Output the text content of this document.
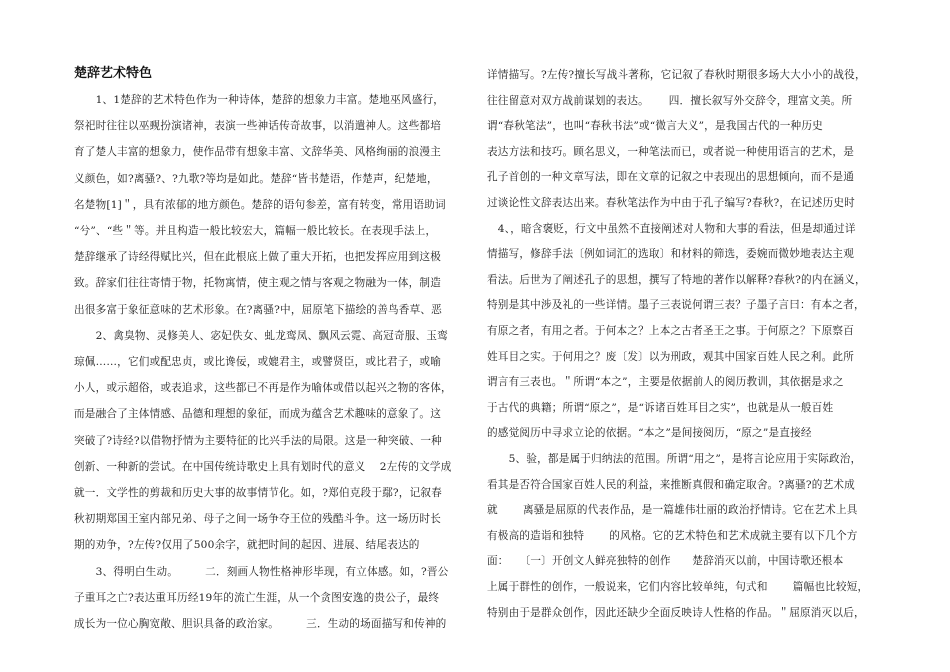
楚辞艺术特色
　　1、1楚辞的艺术特色作为一种诗体，楚辞的想象力丰富。楚地巫风盛行，
祭祀时往往以巫觋扮演诸神，表演一些神话传奇故事，以消遣神人。这些都培
育了楚人丰富的想象力，使作品带有想象丰富、文辞华美、风格绚丽的浪漫主
义颜色，如?离骚?、?九歌?等均是如此。楚辞“皆书楚语，作楚声，纪楚地，
名楚物[1]＂，具有浓郁的地方颜色。楚辞的语句参差，富有转变，常用语助词
“兮”、“些＂等。并且构造一般比较宏大，篇幅一般比较长。在表现手法上，
楚辞继承了诗经得赋比兴，但在此根底上做了重大开拓，也把发挥应用到这极
致。辞家们往往寄情于物，托物寓情，使主观之情与客观之物融为一体，制造
出很多富于象征意味的艺术形象。在?离骚?中，屈原笔下描绘的善鸟香草、恶
　　2、禽臭物、灵修美人、宓妃佚女、虬龙鸾凤、飘风云霓、高冠奇服、玉鸾
琼佩……，它们或配忠贞，或比谗佞，或媲君主，或譬贤臣，或比君子，或喻
小人，或示超俗，或表追求，这些都已不再是作为喻体或借以起兴之物的客体，
而是融合了主体情感、品德和理想的象征，而成为蕴含艺术趣味的意象了。这
突破了?诗经?以借物抒情为主要特征的比兴手法的局限。这是一种突破、一种
创新、一种新的尝试。在中国传统诗歌史上具有划时代的意义　 2左传的文学成
就一．文学性的剪裁和历史大事的故事情节化。如，?郑伯克段于鄢?，记叙春
秋初期郑国王室内部兄弟、母子之间一场争夺王位的残酷斗争。这一场历时长
期的劝争，?左传?仅用了500余字，就把时间的起因、进展、结尾表达的
　　3、得明白生动。　　　二．刻画人物性格神形毕现，有立体感。如，?晋公
子重耳之亡?表达重耳历经19年的流亡生涯，从一个贪图安逸的贵公子，最终
成长为一位心胸宽敞、胆识具备的政治家。　　　三．生动的场面描写和传神的
详情描写。?左传?擅长写战斗著称，它记叙了春秋时期很多场大大小小的战役，
往往留意对双方战前谋划的表达。　　 四．擅长叙写外交辞令，理富文美。所
谓“春秋笔法”，也叫“春秋书法”或“微言大义”，是我国古代的一种历史
表达方法和技巧。顾名思义，一种笔法而已，或者说一种使用语言的艺术，是
孔子首创的一种文章写法，即在文章的记叙之中表现出的思想倾向，而不是通
过谈论性文辞表达出来。春秋笔法作为中由于孔子编写?春秋?，在记述历史时
　4、，暗含褒贬，行文中虽然不直接阐述对人物和大事的看法，但是却通过详
情描写，修辞手法〔例如词汇的选取〕和材料的筛选，委婉而微妙地表达主观
看法。后世为了阐述孔子的思想，撰写了特地的著作以解释?春秋?的内在涵义，
特别是其中涉及礼的一些详情。墨子三表说何谓三表？子墨子言曰：有本之者，
有原之者，有用之者。于何本之？上本之古者圣王之事。于何原之？下原察百
姓耳目之实。于何用之？废〔发〕以为刑政，观其中国家百姓人民之利。此所
谓言有三表也。＂所谓“本之”，主要是依据前人的阅历教训，其依据是求之
于古代的典籍；所谓“原之”，是“诉诸百姓耳目之实”，也就是从一般百姓
的感觉阅历中寻求立论的依据。“本之”是间接阅历，“原之”是直接经
　　5、验，都是属于归纳法的范围。所谓“用之”，是将言论应用于实际政治，
看其是否符合国家百姓人民的利益，来推断真假和确定取舍。?离骚?的艺术成
就　　 离骚是屈原的代表作品，是一篇雄伟壮丽的政治抒情诗。它在艺术上具
有极高的造诣和独特　　 的风格。它的艺术特色和艺术成就主要有以下几个方
面：　　〔一〕开创文人鲜亮独特的创作　　楚辞消灭以前，中国诗歌还根本
上属于群性的创作，一般说来，它们内容比较单纯，句式和　　 篇幅也比较短，
特别由于是群众创作，因此还缺少全面反映诗人性格的作品。＂屈原消灭以后，
